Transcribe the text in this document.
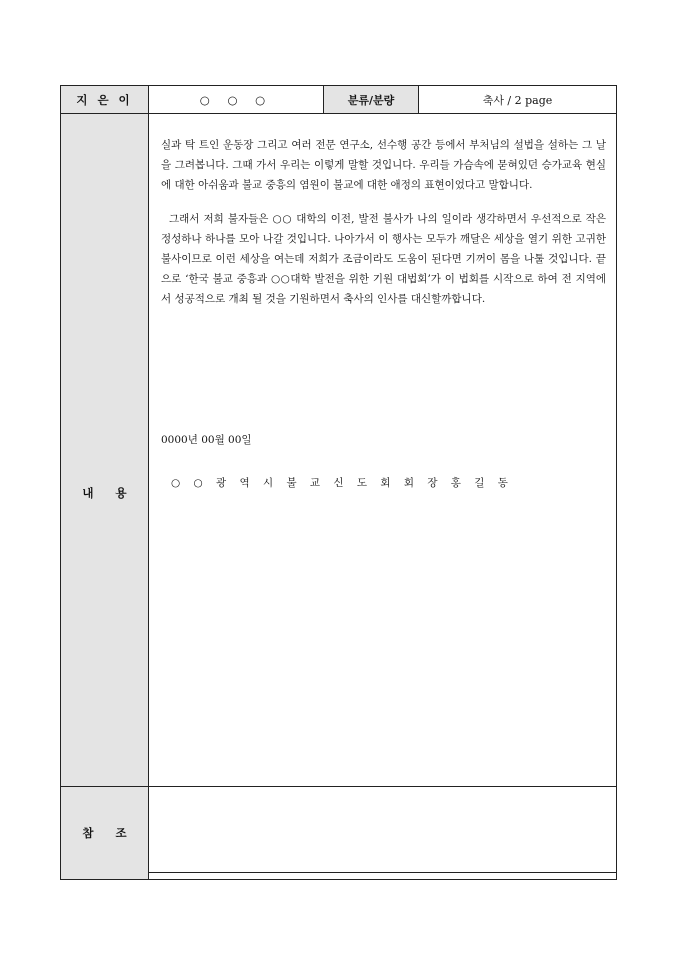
지 은 이	○ ○ ○	분류/분량	축사 / 2 page
내 용

실과 탁 트인 운동장 그리고 여러 전문 연구소, 선수행 공간 등에서 부처님의 설법을 설하는 그 날을 그려봅니다. 그때 가서 우리는 이렇게 말할 것입니다. 우리들 가슴속에 묻혀있던 승가교육 현실에 대한 아쉬움과 불교 중흥의 염원이 불교에 대한 애정의 표현이었다고 말합니다.

그래서 저희 불자들은 ○○ 대학의 이전, 발전 불사가 나의 일이라 생각하면서 우선적으로 작은 정성하나 하나를 모아 나갈 것입니다. 나아가서 이 행사는 모두가 깨달은 세상을 열기 위한 고귀한 불사이므로 이런 세상을 여는데 저희가 조금이라도 도움이 된다면 기꺼이 몸을 나툴 것입니다. 끝으로 ‘한국 불교 중흥과 ○○대학 발전을 위한 기원 대법회’가 이 법회를 시작으로 하여 전 지역에서 성공적으로 개최 될 것을 기원하면서 축사의 인사를 대신할까합니다.

0000년 00월 00일
○ ○ 광 역 시 불 교 신 도 회 회 장 홍 길 동
참 조
